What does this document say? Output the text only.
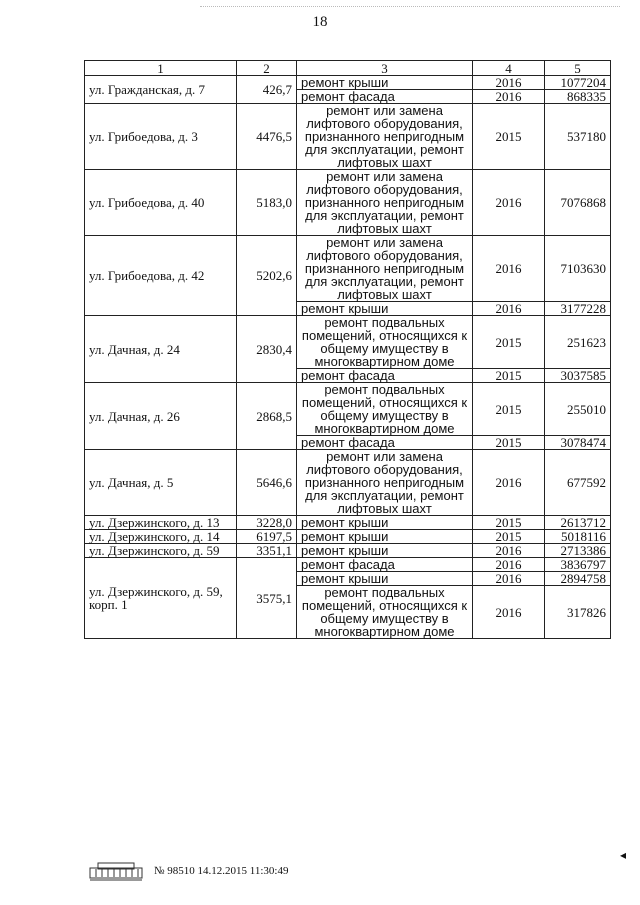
18
1	2	3	4	5
ул. Гражданская, д. 7	426,7	ремонт крыши	2016	1077204
		ремонт фасада	2016	868335
ул. Грибоедова, д. 3	4476,5	ремонт или замена лифтового оборудования, признанного непригодным для эксплуатации, ремонт лифтовых шахт	2015	537180
ул. Грибоедова, д. 40	5183,0	ремонт или замена лифтового оборудования, признанного непригодным для эксплуатации, ремонт лифтовых шахт	2016	7076868
ул. Грибоедова, д. 42	5202,6	ремонт или замена лифтового оборудования, признанного непригодным для эксплуатации, ремонт лифтовых шахт	2016	7103630
		ремонт крыши	2016	3177228
ул. Дачная, д. 24	2830,4	ремонт подвальных помещений, относящихся к общему имуществу в многоквартирном доме	2015	251623
		ремонт фасада	2015	3037585
ул. Дачная, д. 26	2868,5	ремонт подвальных помещений, относящихся к общему имуществу в многоквартирном доме	2015	255010
		ремонт фасада	2015	3078474
ул. Дачная, д. 5	5646,6	ремонт или замена лифтового оборудования, признанного непригодным для эксплуатации, ремонт лифтовых шахт	2016	677592
ул. Дзержинского, д. 13	3228,0	ремонт крыши	2015	2613712
ул. Дзержинского, д. 14	6197,5	ремонт крыши	2015	5018116
ул. Дзержинского, д. 59	3351,1	ремонт крыши	2016	2713386
ул. Дзержинского, д. 59, корп. 1	3575,1	ремонт фасада	2016	3836797
		ремонт крыши	2016	2894758
		ремонт подвальных помещений, относящихся к общему имуществу в многоквартирном доме	2016	317826
№ 98510 14.12.2015 11:30:49
◂
